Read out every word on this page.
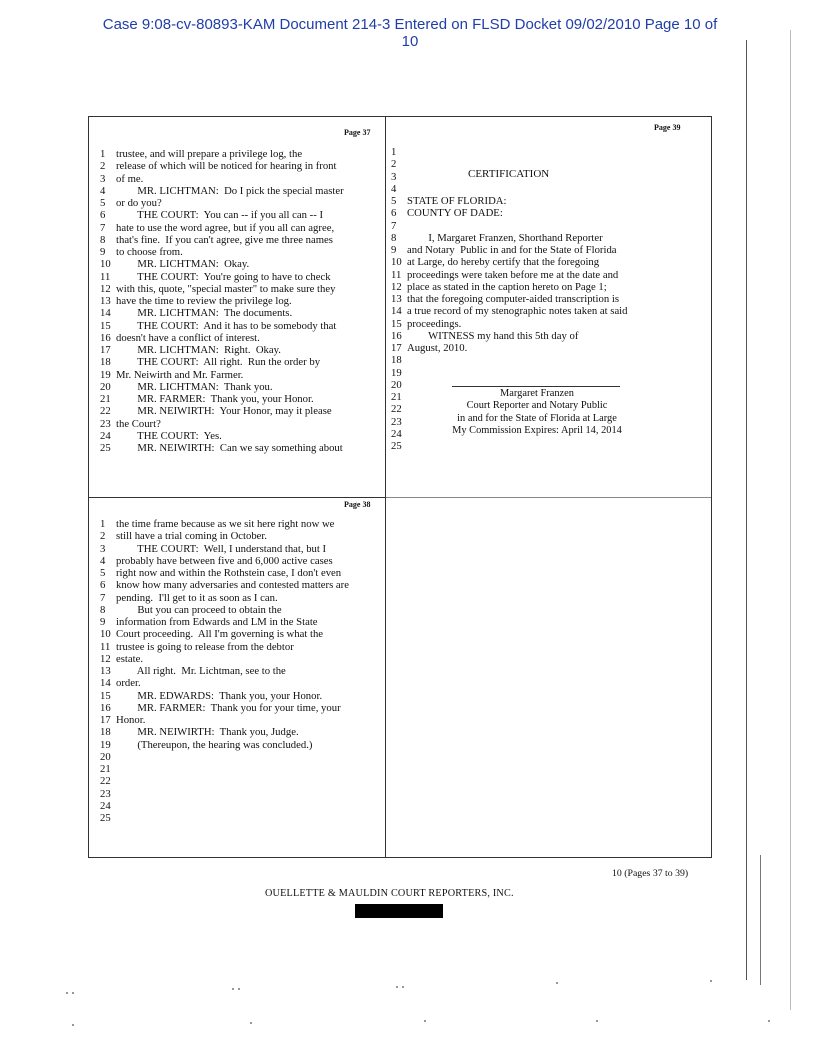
Case 9:08-cv-80893-KAM Document 214-3 Entered on FLSD Docket 09/02/2010 Page 10 of
10
Page 37
1 trustee, and will prepare a privilege log, the
2 release of which will be noticed for hearing in front
3 of me.
4 MR. LICHTMAN:  Do I pick the special master
5 or do you?
6 THE COURT:  You can -- if you all can -- I
7 hate to use the word agree, but if you all can agree,
8 that's fine.  If you can't agree, give me three names
9 to choose from.
10 MR. LICHTMAN:  Okay.
11 THE COURT:  You're going to have to check
12 with this, quote, "special master" to make sure they
13 have the time to review the privilege log.
14 MR. LICHTMAN:  The documents.
15 THE COURT:  And it has to be somebody that
16 doesn't have a conflict of interest.
17 MR. LICHTMAN:  Right.  Okay.
18 THE COURT:  All right.  Run the order by
19 Mr. Neiwirth and Mr. Farmer.
20 MR. LICHTMAN:  Thank you.
21 MR. FARMER:  Thank you, your Honor.
22 MR. NEIWIRTH:  Your Honor, may it please
23 the Court?
24 THE COURT:  Yes.
25 MR. NEIWIRTH:  Can we say something about
Page 38
1 the time frame because as we sit here right now we
2 still have a trial coming in October.
3 THE COURT:  Well, I understand that, but I
4 probably have between five and 6,000 active cases
5 right now and within the Rothstein case, I don't even
6 know how many adversaries and contested matters are
7 pending.  I'll get to it as soon as I can.
8 But you can proceed to obtain the
9 information from Edwards and LM in the State
10 Court proceeding.  All I'm governing is what the
11 trustee is going to release from the debtor
12 estate.
13 All right.  Mr. Lichtman, see to the
14 order.
15 MR. EDWARDS:  Thank you, your Honor.
16 MR. FARMER:  Thank you for your time, your
17 Honor.
18 MR. NEIWIRTH:  Thank you, Judge.
19 (Thereupon, the hearing was concluded.)
20
21
22
23
24
25
Page 39
CERTIFICATION
1
2
3
4
5 STATE OF FLORIDA:
6 COUNTY OF DADE:
7
8 I, Margaret Franzen, Shorthand Reporter
9 and Notary  Public in and for the State of Florida
10 at Large, do hereby certify that the foregoing
11 proceedings were taken before me at the date and
12 place as stated in the caption hereto on Page 1;
13 that the foregoing computer-aided transcription is
14 a true record of my stenographic notes taken at said
15 proceedings.
16 WITNESS my hand this 5th day of
17 August, 2010.
18
19
20
21
22
23
24
25
Margaret Franzen
Court Reporter and Notary Public
in and for the State of Florida at Large
My Commission Expires: April 14, 2014
10 (Pages 37 to 39)
OUELLETTE & MAULDIN COURT REPORTERS, INC.
